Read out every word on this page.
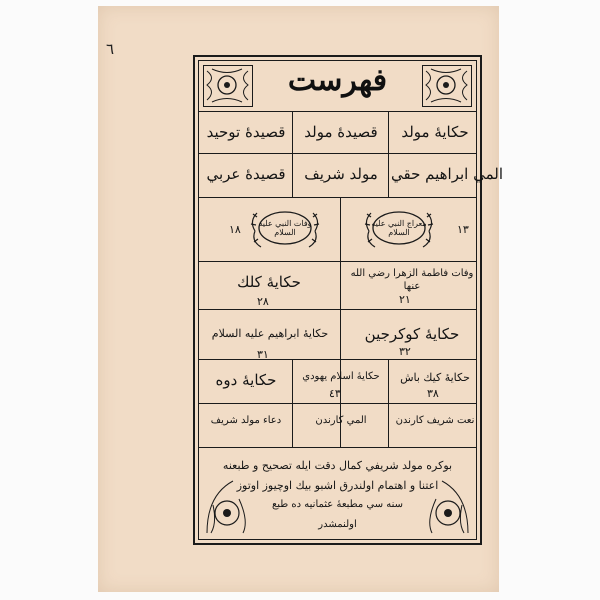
٦
فهرست
حكايهٔ مولد
قصيدهٔ مولد
قصيدهٔ توحيد
المي ابراهيم حقي
مولد شريف
قصيدهٔ عربي
معراج النبي عليه السلام	١٣
وفات النبي عليه السلام
١٨
وفات فاطمة الزهرا رضي الله عنها
٢١
حكايهٔ كلك
٢٨
حكايهٔ كوكرجين
٣٢
حكايهٔ ابراهيم عليه السلام
٣١
حكايهٔ كيك باش
٣٨
حكايهٔ اسلام يهودي
٤٣
حكايهٔ دوه
نعت شريف كارندن
المي كارندن
دعاء مولد شريف
بوكره مولد شريفي كمال دقت ايله تصحيح و طبعنه
اعتنا و اهتمام اولندرق اشبو بيك اوچيوز اوتوز
سنه سي مطبعهٔ عثمانيه ده طبع
اولنمشدر
